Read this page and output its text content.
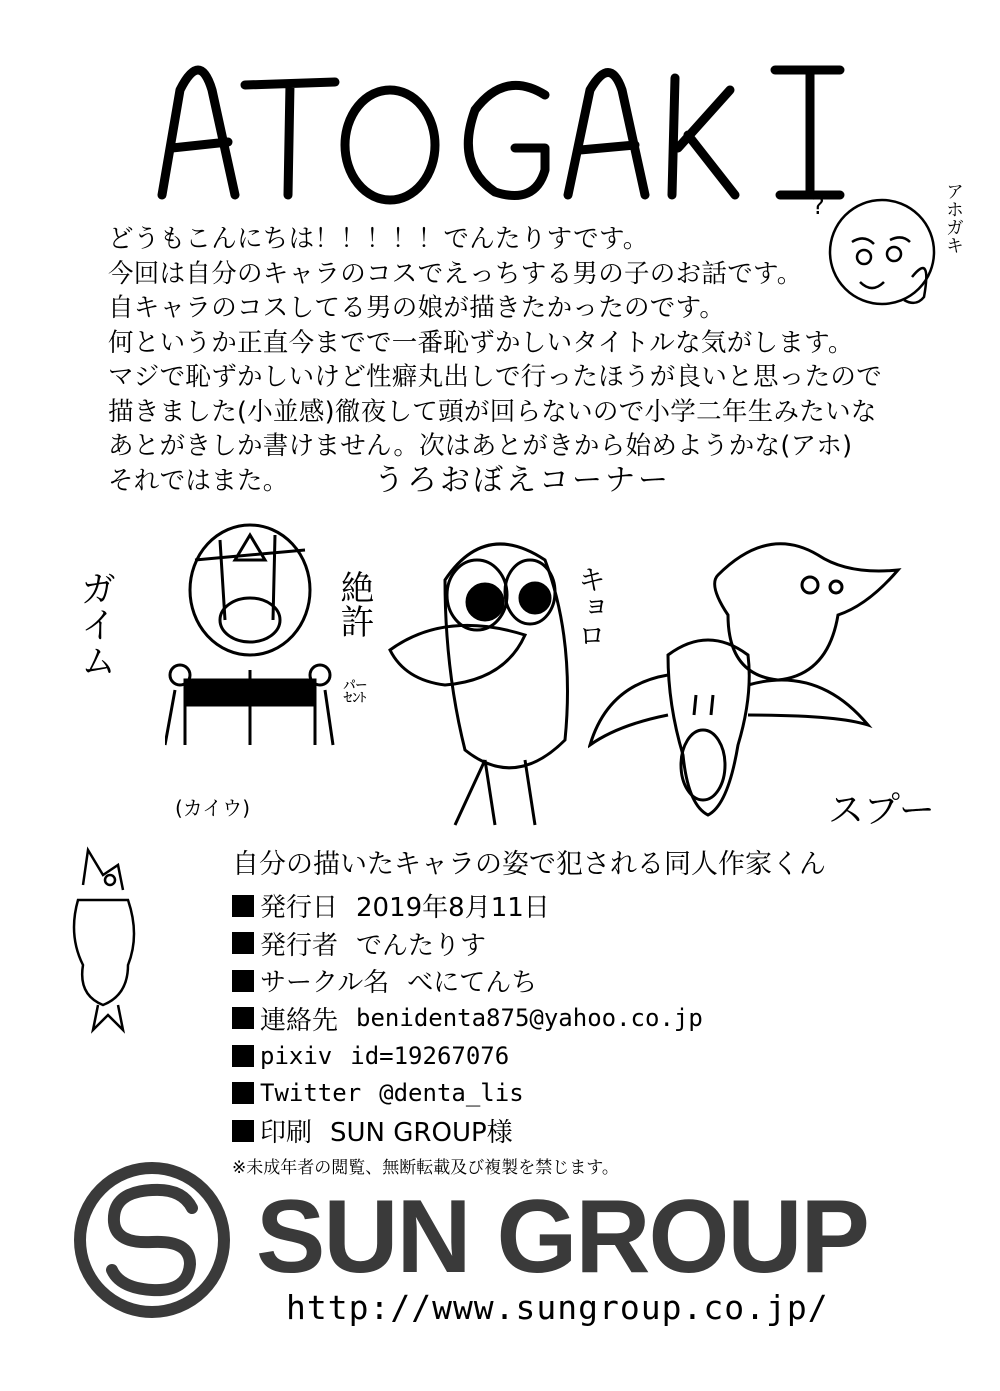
?	アホガキ
どうもこんにちは！！！！！でんたりすです。
今回は自分のキャラのコスでえっちする男の子のお話です。
自キャラのコスしてる男の娘が描きたかったのです。
何というか正直今までで一番恥ずかしいタイトルな気がします。
マジで恥ずかしいけど性癖丸出しで行ったほうが良いと思ったので
描きました(小並感)徹夜して頭が回らないので小学二年生みたいな
あとがきしか書けません。次はあとがきから始めようかな(アホ)
それではまた。	うろおぼえコーナー
ガイム	絶許
㌫
(カイウ)
キョロ
スプー
自分の描いたキャラの姿で犯される同人作家くん
発行日 2019年8月11日
発行者 でんたりす
サークル名 べにてんち
連絡先 benidenta875@yahoo.co.jp
pixiv id=19267076
Twitter @denta_lis
印刷 SUN GROUP様
※未成年者の閲覧、無断転載及び複製を禁じます。
SUN GROUP
http://www.sungroup.co.jp/
